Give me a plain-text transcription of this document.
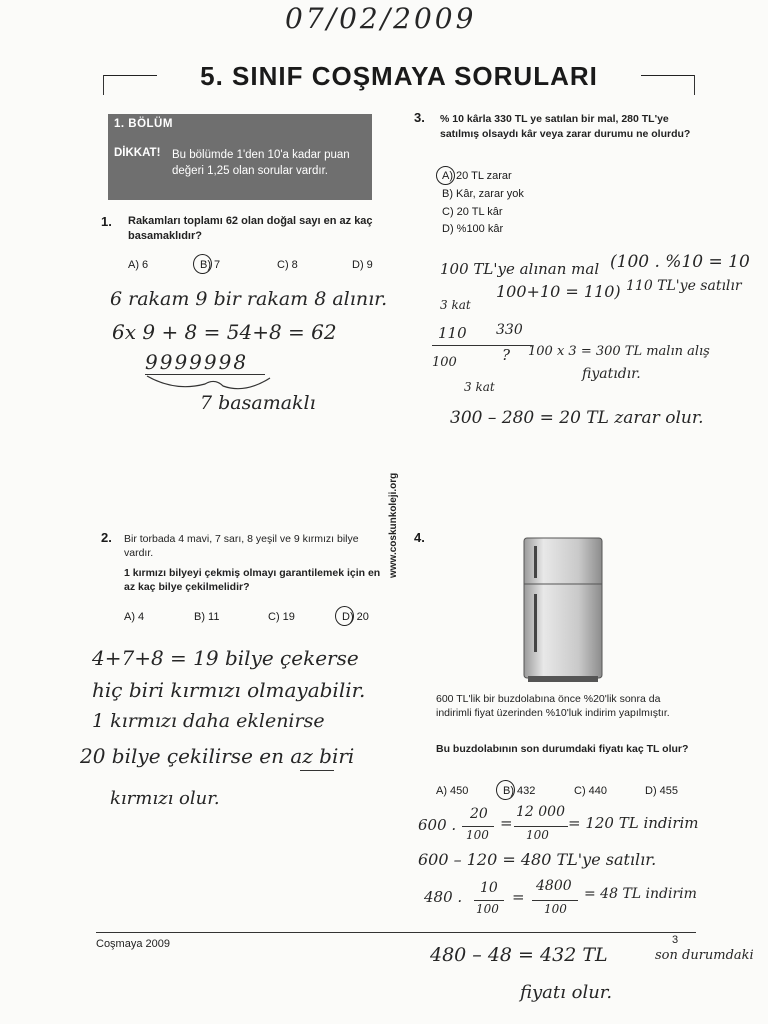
07/02/2009
5. SINIF COŞMAYA SORULARI
1. BÖLÜM
DİKKAT! Bu bölümde 1'den 10'a kadar puan değeri 1,25 olan sorular vardır.
www.coskunkoleji.org
1. Rakamları toplamı 62 olan doğal sayı en az kaç basamaklıdır?
A) 6	B) 7	C) 8	D) 9
6 rakam 9 bir rakam 8 alınır.
6x 9 + 8 = 54+8 = 62
9999998
7 basamaklı
2. Bir torbada 4 mavi, 7 sarı, 8 yeşil ve 9 kırmızı bilye vardır.
1 kırmızı bilyeyi çekmiş olmayı garantilemek için en az kaç bilye çekilmelidir?
A) 4	B) 11	C) 19	D) 20
4+7+8 = 19 bilye çekerse
hiç biri kırmızı olmayabilir.
1 kırmızı daha eklenirse
20 bilye çekilirse en az biri
kırmızı olur.
3. % 10 kârla 330 TL ye satılan bir mal, 280 TL'ye satılmış olsaydı kâr veya zarar durumu ne olurdu?
A) 20 TL zarar
B) Kâr, zarar yok
C) 20 TL kâr
D) %100 kâr
100 TL'ye alınan mal (100 . %10 = 10
100+10 = 110) 110 TL'ye satılır
3 kat
110 330
100	? 100 x 3 = 300 TL malın alış
fiyatıdır.
3 kat
300 – 280 = 20 TL zarar olur.
4.
600 TL'lik bir buzdolabına önce %20'lik sonra da indirimli fiyat üzerinden %10'luk indirim yapılmıştır.
Bu buzdolabının son durumdaki fiyatı kaç TL olur?
A) 450	B) 432	C) 440	D) 455
600 .
20
100
=
12 000
100
= 120 TL indirim
600 – 120 = 480 TL'ye satılır.
480 . 10
100
=
4800
100
= 48 TL indirim
480 – 48 = 432 TL	son durumdaki
fiyatı olur.
Coşmaya 2009	3
